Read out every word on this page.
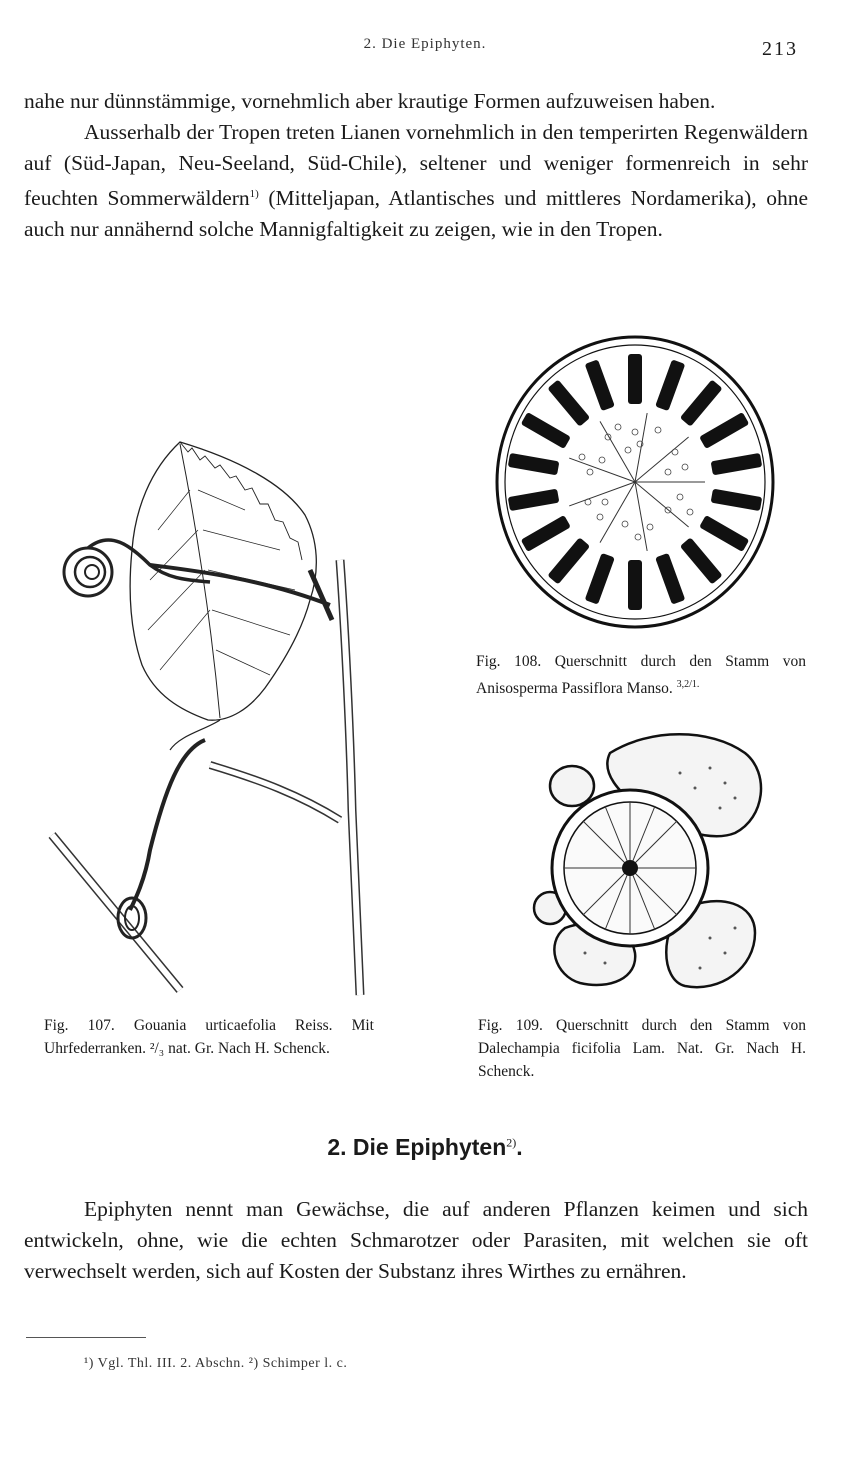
2. Die Epiphyten.	213

nahe nur dünnstämmige, vornehmlich aber krautige Formen aufzuweisen haben.

Ausserhalb der Tropen treten Lianen vornehmlich in den temperirten Regenwäldern auf (Süd-Japan, Neu-Seeland, Süd-Chile), seltener und weniger formenreich in sehr feuchten Sommerwäldern$^{1)}$ (Mitteljapan, Atlantisches und mittleres Nordamerika), ohne auch nur annähernd solche Mannigfaltigkeit zu zeigen, wie in den Tropen.

Fig. 108. Querschnitt durch den Stamm von Anisosperma Passiflora Manso. $^{3,2/1.}$
Fig. 107. Gouania urticaefolia Reiss. Mit Uhrfederranken. ²/₃ nat. Gr. Nach H. Schenck.
Fig. 109. Querschnitt durch den Stamm von Dalechampia ficifolia Lam. Nat. Gr. Nach H. Schenck.
2. Die Epiphyten$^{2)}$.

Epiphyten nennt man Gewächse, die auf anderen Pflanzen keimen und sich entwickeln, ohne, wie die echten Schmarotzer oder Parasiten, mit welchen sie oft verwechselt werden, sich auf Kosten der Substanz ihres Wirthes zu ernähren.

¹) Vgl. Thl. III. 2. Abschn. ²) Schimper l. c.
